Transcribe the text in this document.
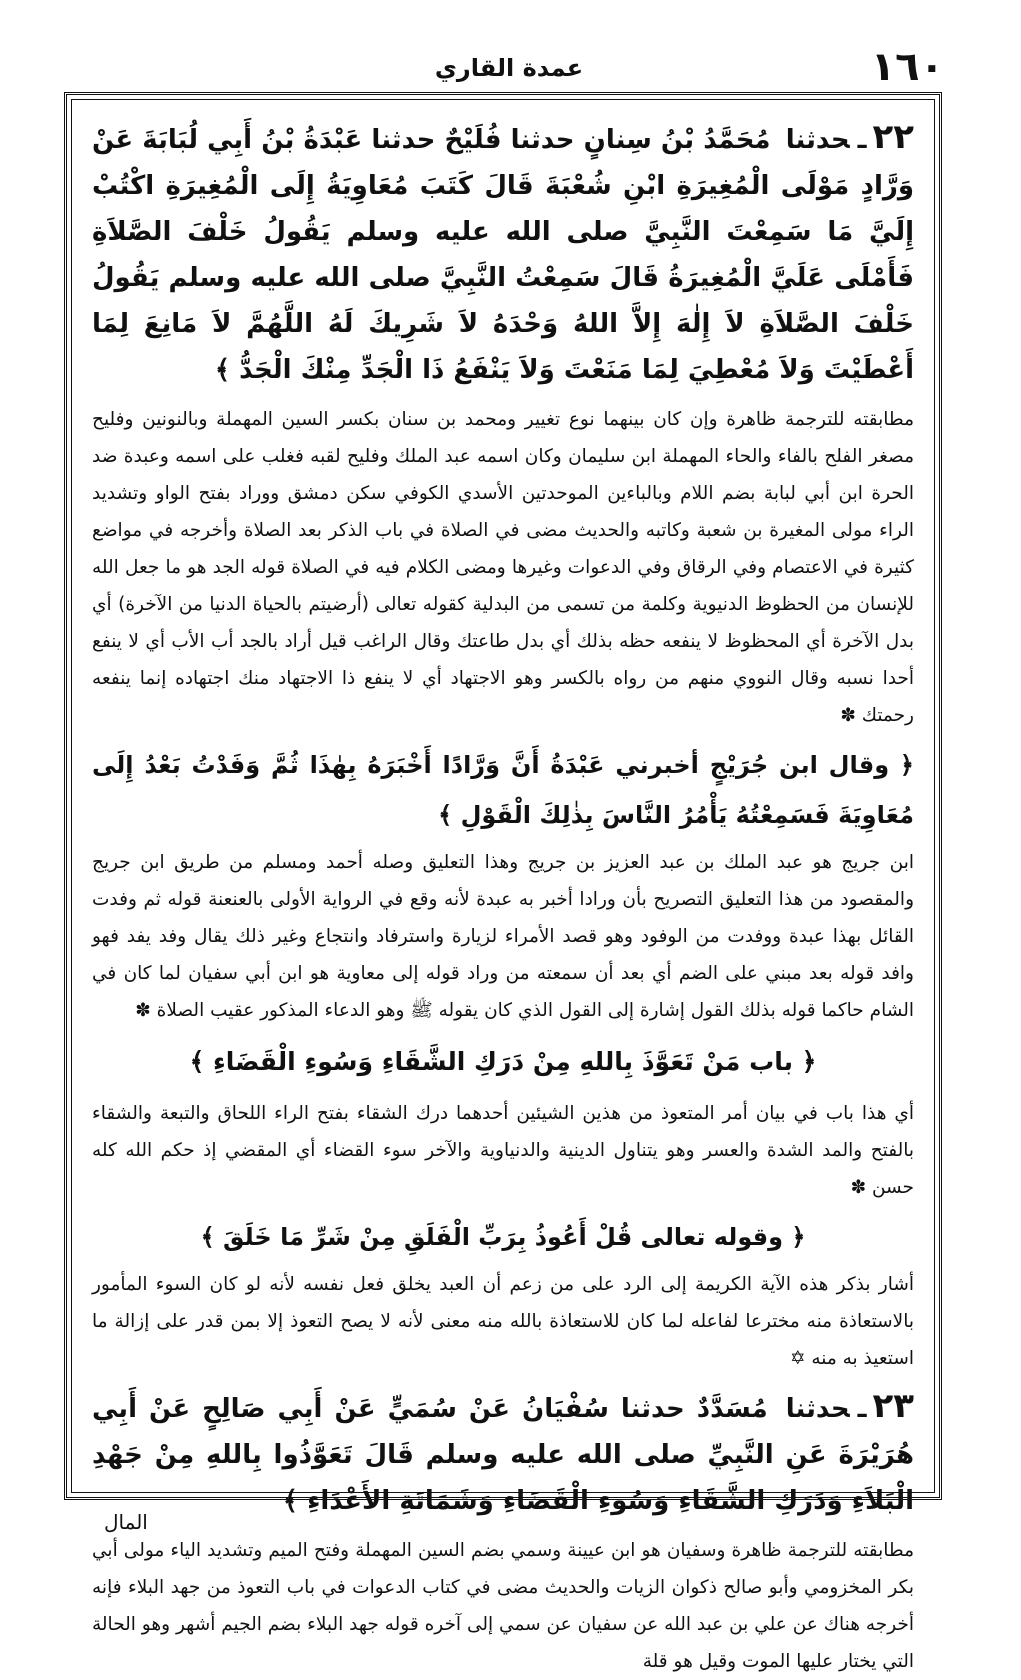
١٦٠
عمدة القاري

٢٢ـحدثنا مُحَمَّدُ بْنُ سِنانٍ حدثنا فُلَيْحٌ حدثنا عَبْدَةُ بْنُ أَبِي لُبَابَةَ عَنْ وَرَّادٍ مَوْلَى الْمُغِيرَةِ ابْنِ شُعْبَةَ قَالَ كَتَبَ مُعَاوِيَةُ إِلَى الْمُغِيرَةِ اكْتُبْ إِلَيَّ مَا سَمِعْتَ النَّبِيَّ صلى الله عليه وسلم يَقُولُ خَلْفَ الصَّلاَةِ فَأَمْلَى عَلَيَّ الْمُغِيرَةُ قَالَ سَمِعْتُ النَّبِيَّ صلى الله عليه وسلم يَقُولُ خَلْفَ الصَّلاَةِ لاَ إِلٰهَ إِلاَّ اللهُ وَحْدَهُ لاَ شَرِيكَ لَهُ اللَّهُمَّ لاَ مَانِعَ لِمَا أَعْطَيْتَ وَلاَ مُعْطِيَ لِمَا مَنَعْتَ وَلاَ يَنْفَعُ ذَا الْجَدِّ مِنْكَ الْجَدُّ ﴾

مطابقته للترجمة ظاهرة وإن كان بينهما نوع تغيير ومحمد بن سنان بكسر السين المهملة وبالنونين وفليح مصغر الفلح بالفاء والحاء المهملة ابن سليمان وكان اسمه عبد الملك وفليح لقبه فغلب على اسمه وعبدة ضد الحرة ابن أبي لبابة بضم اللام وبالباءين الموحدتين الأسدي الكوفي سكن دمشق ووراد بفتح الواو وتشديد الراء مولى المغيرة بن شعبة وكاتبه والحديث مضى في الصلاة في باب الذكر بعد الصلاة وأخرجه في مواضع كثيرة في الاعتصام وفي الرقاق وفي الدعوات وغيرها ومضى الكلام فيه في الصلاة قوله الجد هو ما جعل الله للإنسان من الحظوظ الدنيوية وكلمة من تسمى من البدلية كقوله تعالى (أرضيتم بالحياة الدنيا من الآخرة) أي بدل الآخرة أي المحظوظ لا ينفعه حظه بذلك أي بدل طاعتك وقال الراغب قيل أراد بالجد أب الأب أي لا ينفع أحدا نسبه وقال النووي منهم من رواه بالكسر وهو الاجتهاد أي لا ينفع ذا الاجتهاد منك اجتهاده إنما ينفعه رحمتك ✽

﴿ وقال ابن جُرَيْجٍ أخبرني عَبْدَةُ أَنَّ وَرَّادًا أَخْبَرَهُ بِهٰذَا ثُمَّ وَفَدْتُ بَعْدُ إِلَى مُعَاوِيَةَ فَسَمِعْتُهُ يَأْمُرُ النَّاسَ بِذٰلِكَ الْقَوْلِ ﴾

ابن جريج هو عبد الملك بن عبد العزيز بن جريج وهذا التعليق وصله أحمد ومسلم من طريق ابن جريج والمقصود من هذا التعليق التصريح بأن ورادا أخبر به عبدة لأنه وقع في الرواية الأولى بالعنعنة قوله ثم وفدت القائل بهذا عبدة ووفدت من الوفود وهو قصد الأمراء لزيارة واسترفاد وانتجاع وغير ذلك يقال وفد يفد فهو وافد قوله بعد مبني على الضم أي بعد أن سمعته من وراد قوله إلى معاوية هو ابن أبي سفيان لما كان في الشام حاكما قوله بذلك القول إشارة إلى القول الذي كان يقوله ﷺ وهو الدعاء المذكور عقيب الصلاة ✽

﴿ باب مَنْ تَعَوَّذَ بِاللهِ مِنْ دَرَكِ الشَّقَاءِ وَسُوءِ الْقَضَاءِ ﴾

أي هذا باب في بيان أمر المتعوذ من هذين الشيئين أحدهما درك الشقاء بفتح الراء اللحاق والتبعة والشقاء بالفتح والمد الشدة والعسر وهو يتناول الدينية والدنياوية والآخر سوء القضاء أي المقضي إذ حكم الله كله حسن ✽

﴿ وقوله تعالى قُلْ أَعُوذُ بِرَبِّ الْفَلَقِ مِنْ شَرِّ مَا خَلَقَ ﴾

أشار بذكر هذه الآية الكريمة إلى الرد على من زعم أن العبد يخلق فعل نفسه لأنه لو كان السوء المأمور بالاستعاذة منه مخترعا لفاعله لما كان للاستعاذة بالله منه معنى لأنه لا يصح التعوذ إلا بمن قدر على إزالة ما استعيذ به منه ✡

٢٣ـحدثنا مُسَدَّدٌ حدثنا سُفْيَانُ عَنْ سُمَيٍّ عَنْ أَبِي صَالِحٍ عَنْ أَبِي هُرَيْرَةَ عَنِ النَّبِيِّ صلى الله عليه وسلم قَالَ تَعَوَّذُوا بِاللهِ مِنْ جَهْدِ الْبَلاَءِ وَدَرَكِ الشَّقَاءِ وَسُوءِ الْقَضَاءِ وَشَمَاتَةِ الأَعْدَاءِ ﴾

مطابقته للترجمة ظاهرة وسفيان هو ابن عيينة وسمي بضم السين المهملة وفتح الميم وتشديد الياء مولى أبي بكر المخزومي وأبو صالح ذكوان الزيات والحديث مضى في كتاب الدعوات في باب التعوذ من جهد البلاء فإنه أخرجه هناك عن علي بن عبد الله عن سفيان عن سمي إلى آخره قوله جهد البلاء بضم الجيم أشهر وهو الحالة التي يختار عليها الموت وقيل هو قلة

المال
